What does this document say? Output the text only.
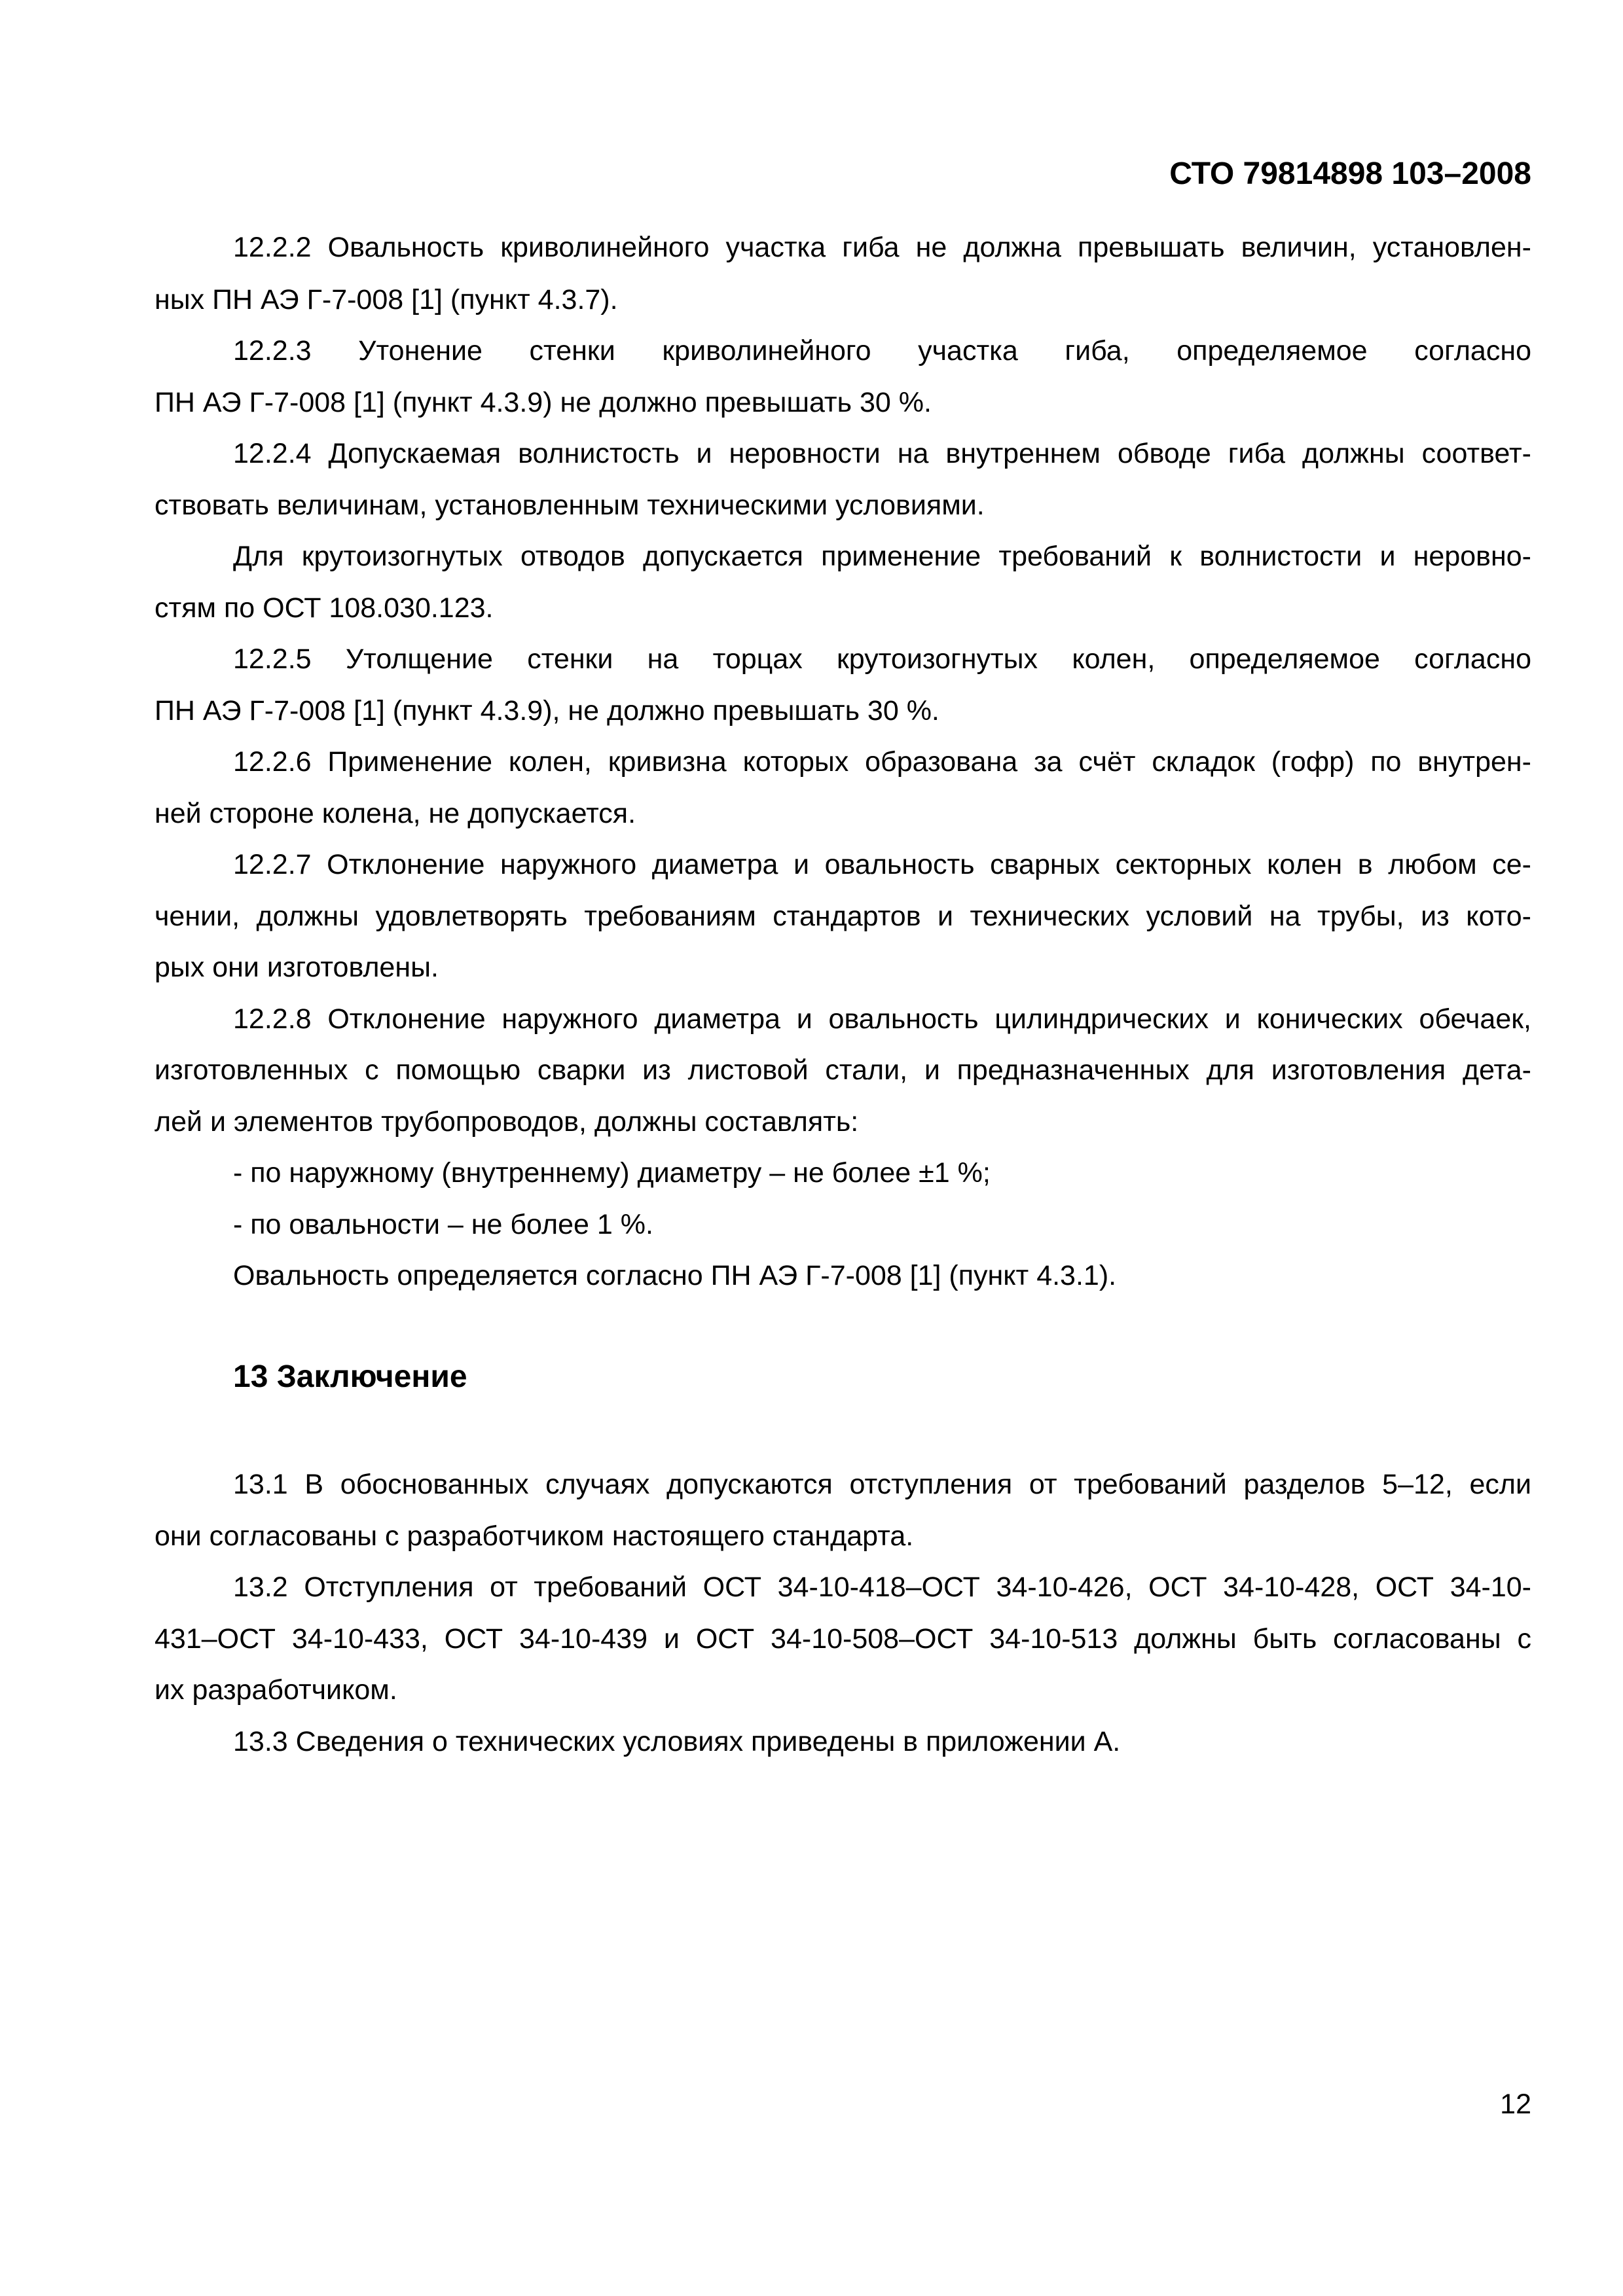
СТО 79814898 103–2008
12.2.2 Овальность криволинейного участка гиба не должна превышать величин, установлен-
ных ПН АЭ Г-7-008 [1] (пункт 4.3.7).
12.2.3 Утонение стенки криволинейного участка гиба, определяемое согласно
ПН АЭ Г-7-008 [1] (пункт 4.3.9) не должно превышать 30 %.
12.2.4 Допускаемая волнистость и неровности на внутреннем обводе гиба должны соответ-
ствовать величинам, установленным техническими условиями.
Для крутоизогнутых отводов допускается применение требований к волнистости и неровно-
стям по ОСТ 108.030.123.
12.2.5 Утолщение стенки на торцах крутоизогнутых колен, определяемое согласно
ПН АЭ Г-7-008 [1] (пункт 4.3.9), не должно превышать 30 %.
12.2.6 Применение колен, кривизна которых образована за счёт складок (гофр) по внутрен-
ней стороне колена, не допускается.
12.2.7 Отклонение наружного диаметра и овальность сварных секторных колен в любом се-
чении, должны удовлетворять требованиям стандартов и технических условий на трубы, из кото-
рых они изготовлены.
12.2.8 Отклонение наружного диаметра и овальность цилиндрических и конических обечаек,
изготовленных с помощью сварки из листовой стали, и предназначенных для изготовления дета-
лей и элементов трубопроводов, должны составлять:
- по наружному (внутреннему) диаметру – не более ±1 %;
- по овальности – не более 1 %.
Овальность определяется согласно ПН АЭ Г-7-008 [1] (пункт 4.3.1).
13 Заключение
13.1 В обоснованных случаях допускаются отступления от требований разделов 5–12, если
они согласованы с разработчиком настоящего стандарта.
13.2 Отступления от требований ОСТ 34-10-418–ОСТ 34-10-426, ОСТ 34-10-428, ОСТ 34-10-
431–ОСТ 34-10-433, ОСТ 34-10-439 и ОСТ 34-10-508–ОСТ 34-10-513 должны быть согласованы с
их разработчиком.
13.3 Сведения о технических условиях приведены в приложении А.
12
